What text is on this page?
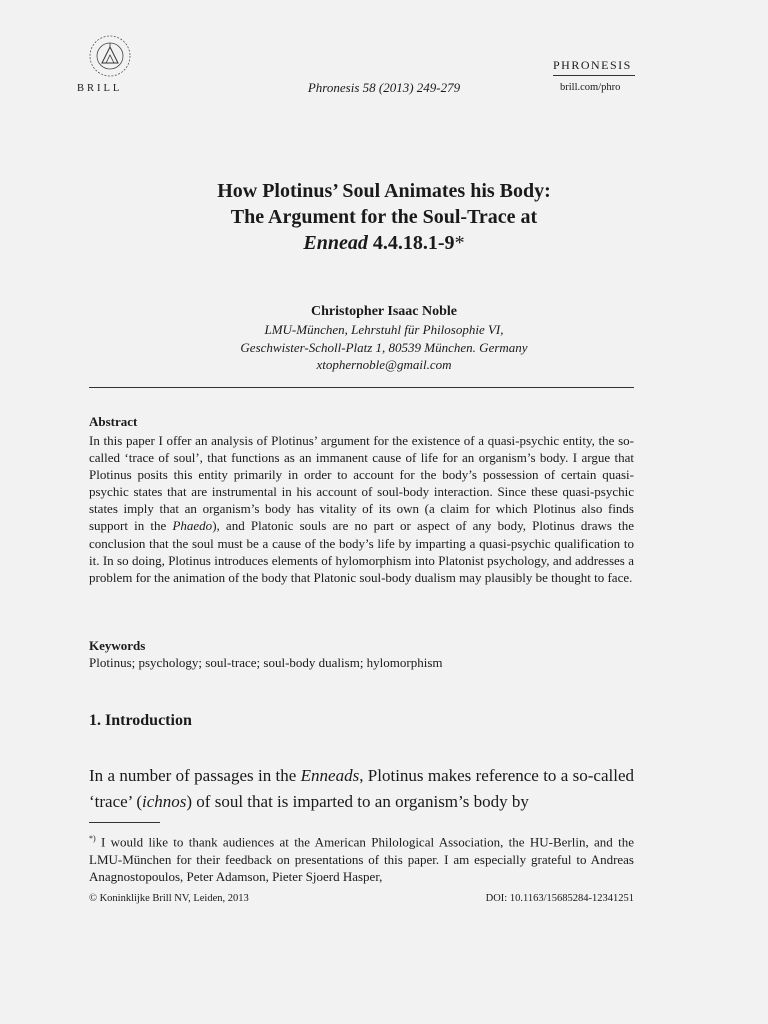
BRILL	Phronesis 58 (2013) 249-279
PHRONESIS
brill.com/phro
How Plotinus’ Soul Animates his Body:
The Argument for the Soul-Trace at
Ennead 4.4.18.1-9*
Christopher Isaac Noble
LMU-München, Lehrstuhl für Philosophie VI,
Geschwister-Scholl-Platz 1, 80539 München. Germany
xtophernoble@gmail.com
Abstract
In this paper I offer an analysis of Plotinus’ argument for the existence of a quasi-psychic entity, the so-called ‘trace of soul’, that functions as an immanent cause of life for an organism’s body. I argue that Plotinus posits this entity primarily in order to account for the body’s possession of certain quasi-psychic states that are instrumental in his account of soul-body interaction. Since these quasi-psychic states imply that an organism’s body has vitality of its own (a claim for which Plotinus also finds support in the Phaedo), and Platonic souls are no part or aspect of any body, Plotinus draws the conclusion that the soul must be a cause of the body’s life by imparting a quasi-psychic qualification to it. In so doing, Plotinus introduces elements of hylomorphism into Platonist psychology, and addresses a problem for the animation of the body that Platonic soul-body dualism may plausibly be thought to face.
Keywords
Plotinus; psychology; soul-trace; soul-body dualism; hylomorphism
1. Introduction
In a number of passages in the Enneads, Plotinus makes reference to a so-called ‘trace’ (ichnos) of soul that is imparted to an organism’s body by
*) I would like to thank audiences at the American Philological Association, the HU-Berlin, and the LMU-München for their feedback on presentations of this paper. I am especially grateful to Andreas Anagnostopoulos, Peter Adamson, Pieter Sjoerd Hasper,
© Koninklijke Brill NV, Leiden, 2013	DOI: 10.1163/15685284-12341251
